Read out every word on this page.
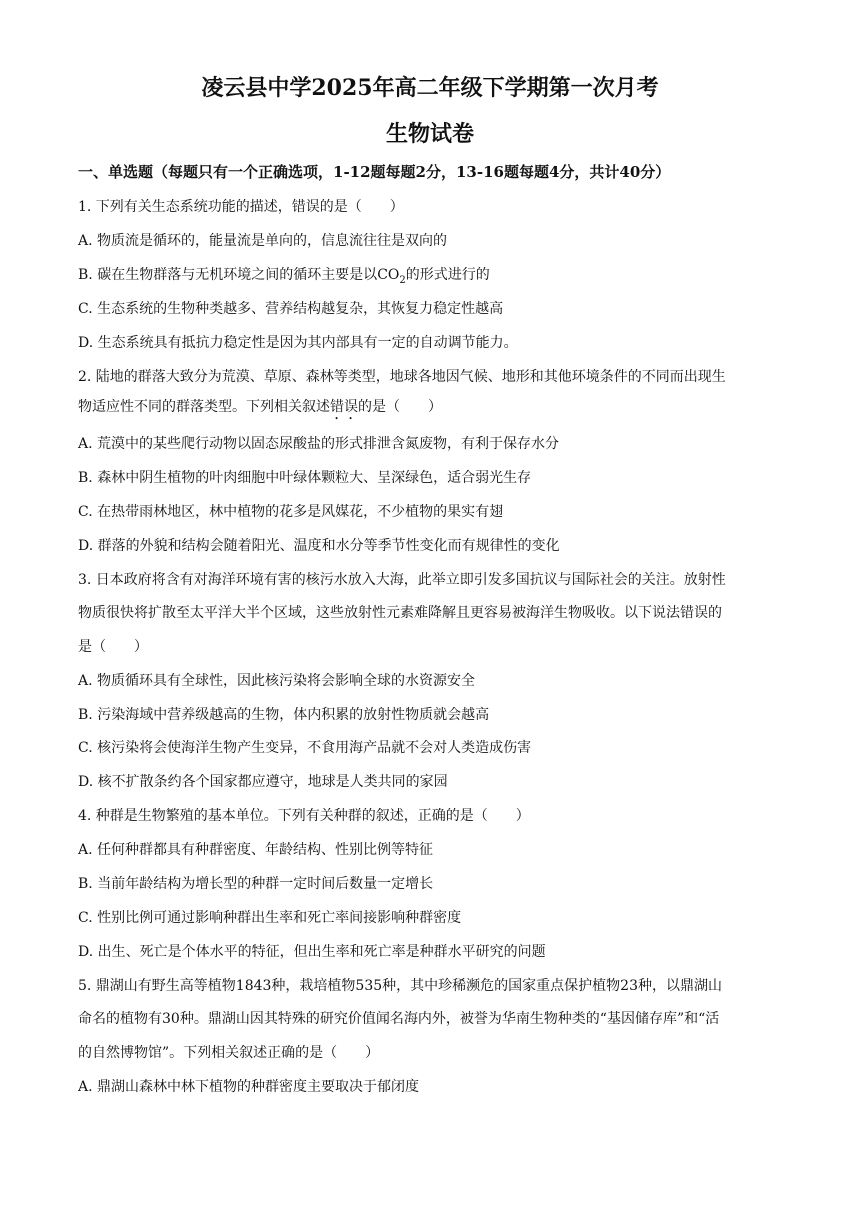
凌云县中学2025年高二年级下学期第一次月考
生物试卷
一、单选题（每题只有一个正确选项，1-12题每题2分，13-16题每题4分，共计40分）
1. 下列有关生态系统功能的描述，错误的是（　　）
A. 物质流是循环的，能量流是单向的，信息流往往是双向的
B. 碳在生物群落与无机环境之间的循环主要是以$CO_2$的形式进行的
C. 生态系统的生物种类越多、营养结构越复杂，其恢复力稳定性越高
D. 生态系统具有抵抗力稳定性是因为其内部具有一定的自动调节能力。
2. 陆地的群落大致分为荒漠、草原、森林等类型，地球各地因气候、地形和其他环境条件的不同而出现生
物适应性不同的群落类型。下列相关叙述错误的是（　　）
A. 荒漠中的某些爬行动物以固态尿酸盐的形式排泄含氮废物，有利于保存水分
B. 森林中阴生植物的叶肉细胞中叶绿体颗粒大、呈深绿色，适合弱光生存
C. 在热带雨林地区，林中植物的花多是风媒花，不少植物的果实有翅
D. 群落的外貌和结构会随着阳光、温度和水分等季节性变化而有规律性的变化
3. 日本政府将含有对海洋环境有害的核污水放入大海，此举立即引发多国抗议与国际社会的关注。放射性
物质很快将扩散至太平洋大半个区域，这些放射性元素难降解且更容易被海洋生物吸收。以下说法错误的
是（　　）
A. 物质循环具有全球性，因此核污染将会影响全球的水资源安全
B. 污染海域中营养级越高的生物，体内积累的放射性物质就会越高
C. 核污染将会使海洋生物产生变异，不食用海产品就不会对人类造成伤害
D. 核不扩散条约各个国家都应遵守，地球是人类共同的家园
4. 种群是生物繁殖的基本单位。下列有关种群的叙述，正确的是（　　）
A. 任何种群都具有种群密度、年龄结构、性别比例等特征
B. 当前年龄结构为增长型的种群一定时间后数量一定增长
C. 性别比例可通过影响种群出生率和死亡率间接影响种群密度
D. 出生、死亡是个体水平的特征，但出生率和死亡率是种群水平研究的问题
5. 鼎湖山有野生高等植物1843种，栽培植物535种，其中珍稀濒危的国家重点保护植物23种，以鼎湖山
命名的植物有30种。鼎湖山因其特殊的研究价值闻名海内外，被誉为华南生物种类的“基因储存库”和“活
的自然博物馆”。下列相关叙述正确的是（　　）
A. 鼎湖山森林中林下植物的种群密度主要取决于郁闭度
